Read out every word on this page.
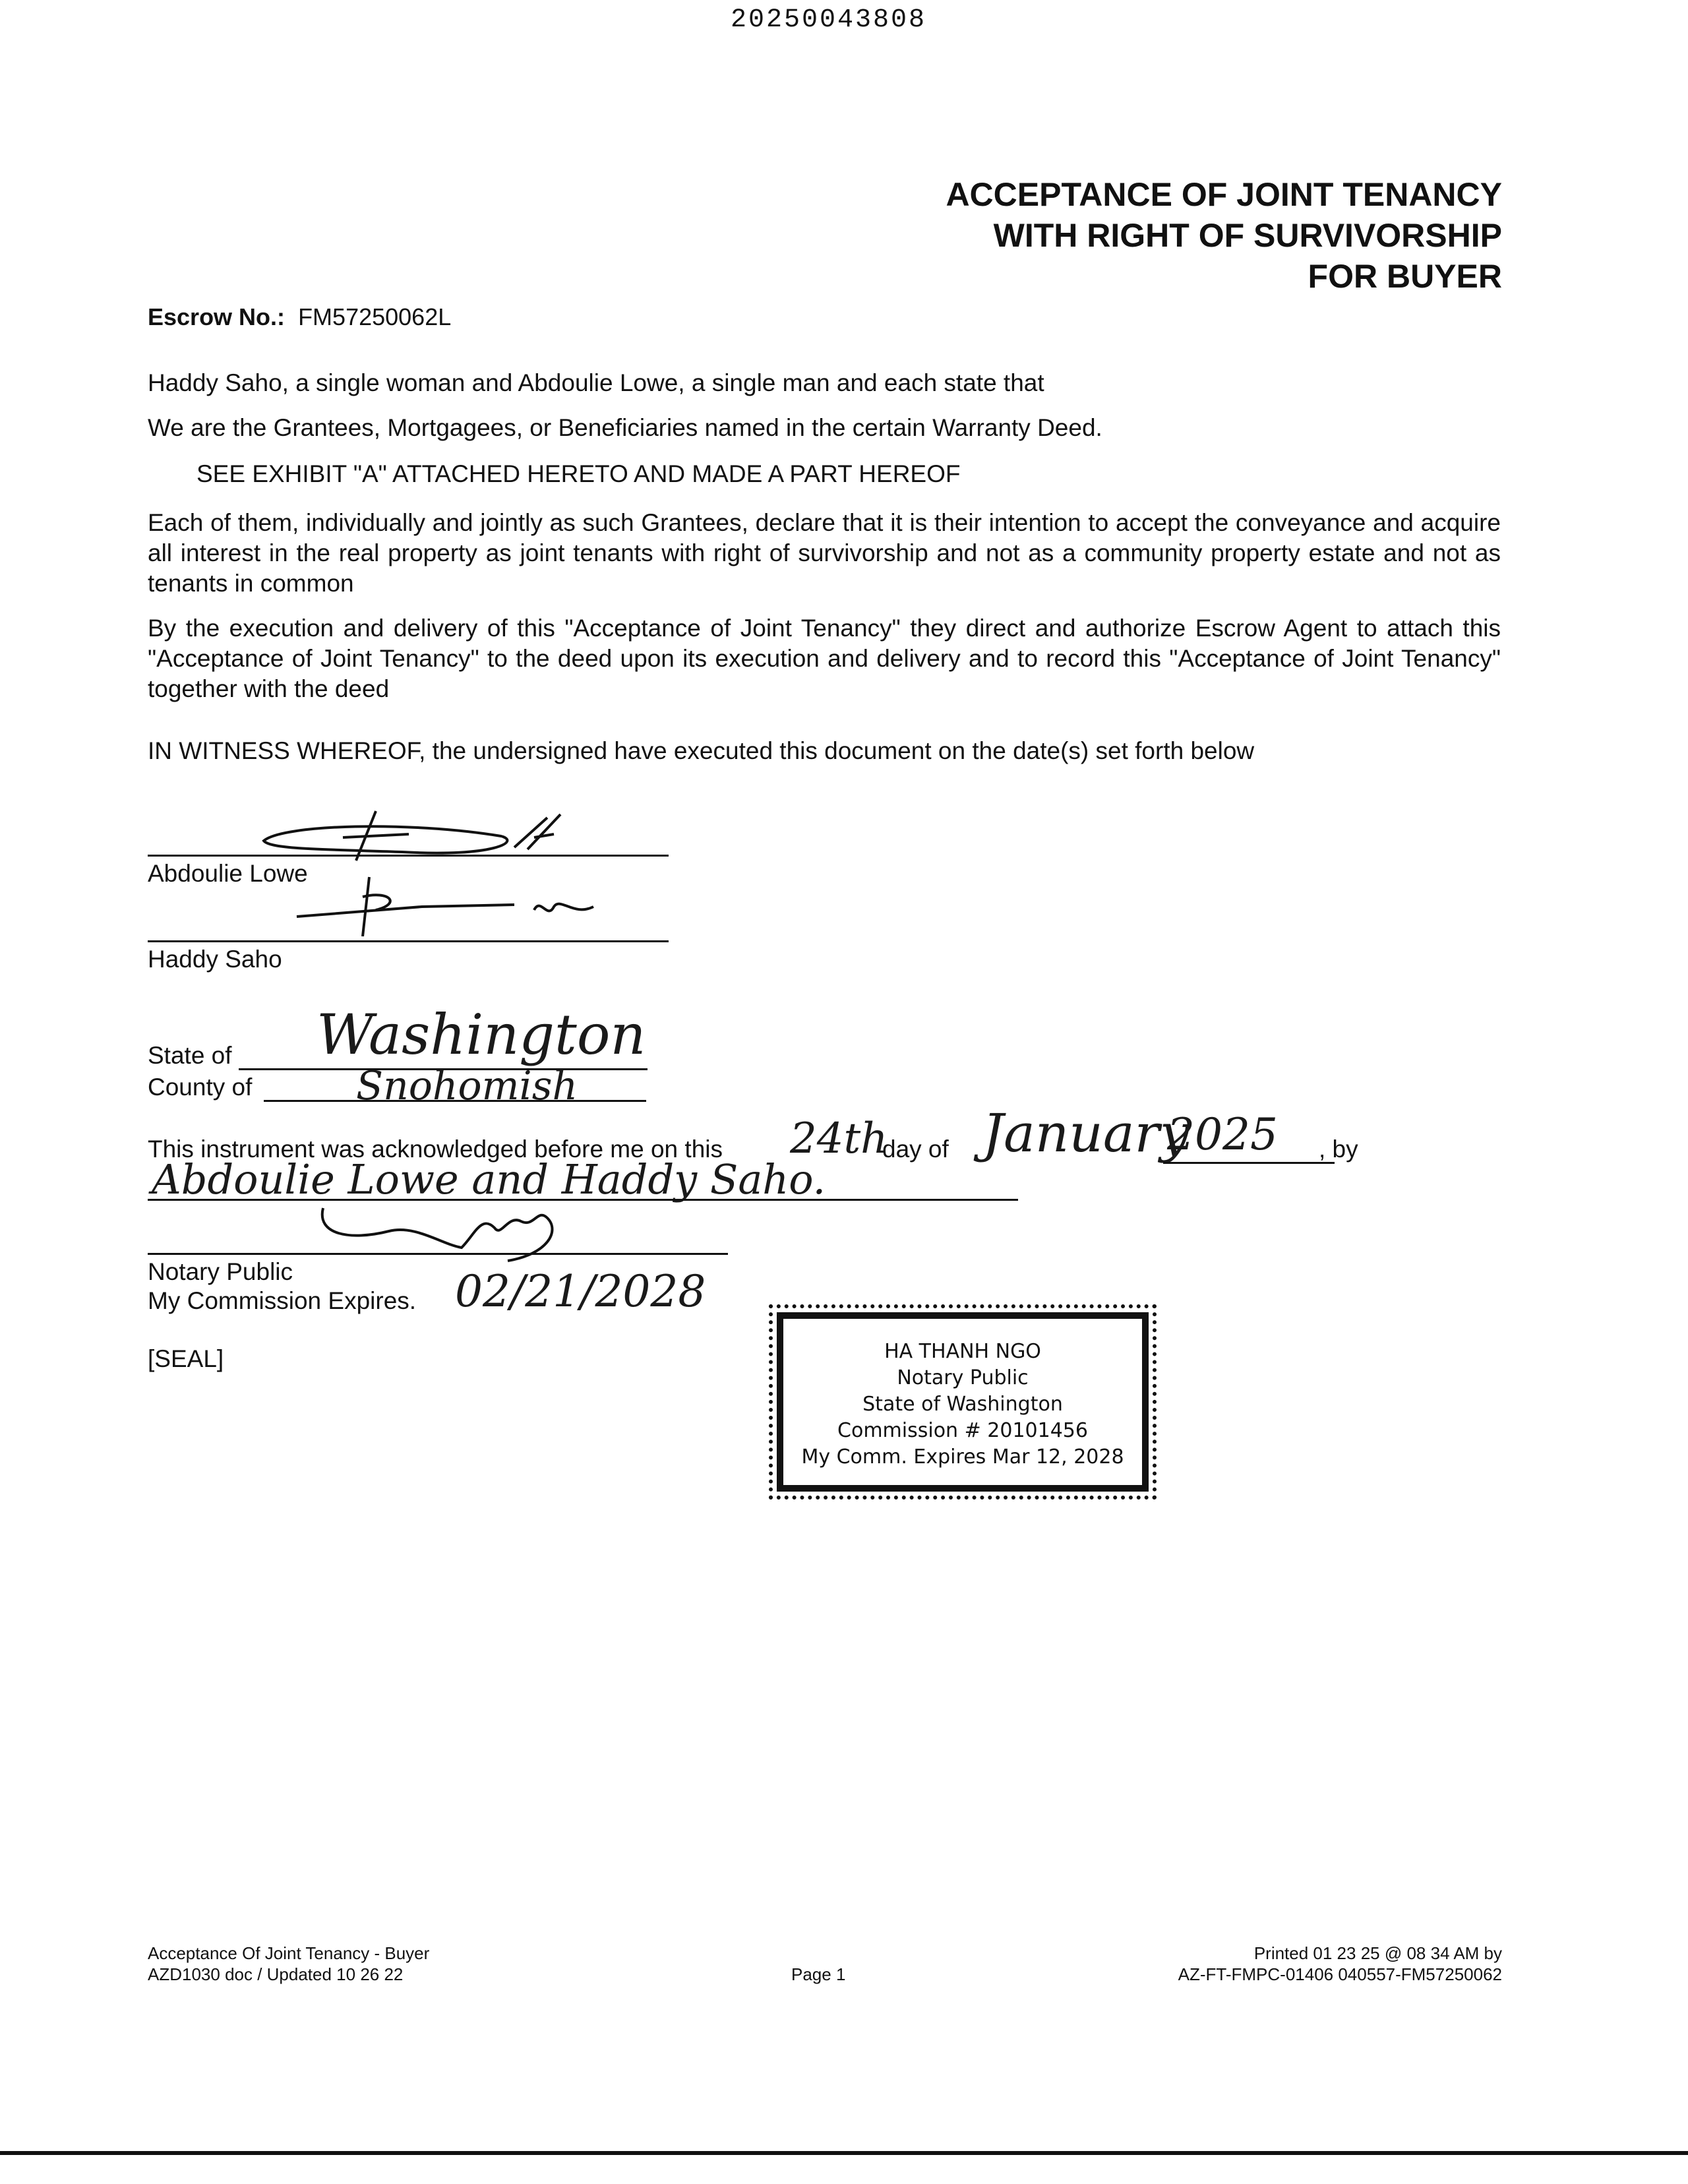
20250043808
ACCEPTANCE OF JOINT TENANCY
WITH RIGHT OF SURVIVORSHIP
FOR BUYER
Escrow No.: FM57250062L
Haddy Saho, a single woman and Abdoulie Lowe, a single man and each state that
We are the Grantees, Mortgagees, or Beneficiaries named in the certain Warranty Deed.
SEE EXHIBIT "A" ATTACHED HERETO AND MADE A PART HEREOF
Each of them, individually and jointly as such Grantees, declare that it is their intention to accept the conveyance and acquire all interest in the real property as joint tenants with right of survivorship and not as a community property estate and not as tenants in common
By the execution and delivery of this "Acceptance of Joint Tenancy" they direct and authorize Escrow Agent to attach this "Acceptance of Joint Tenancy" to the deed upon its execution and delivery and to record this "Acceptance of Joint Tenancy" together with the deed
IN WITNESS WHEREOF, the undersigned have executed this document on the date(s) set forth below
Abdoulie Lowe
Haddy Saho
State of Washington
County of	Snohomish
This instrument was acknowledged before me on this 24th
day of January
2025 , by
Abdoulie Lowe and Haddy Saho.
Notary Public
My Commission Expires. 02/21/2028
[SEAL]	HA THANH NGO
Notary Public
State of Washington
Commission # 20101456
My Comm. Expires Mar 12, 2028
Acceptance Of Joint Tenancy - Buyer
AZD1030 doc / Updated 10 26 22	Page 1
Printed 01 23 25 @ 08 34 AM by
AZ-FT-FMPC-01406 040557-FM57250062
